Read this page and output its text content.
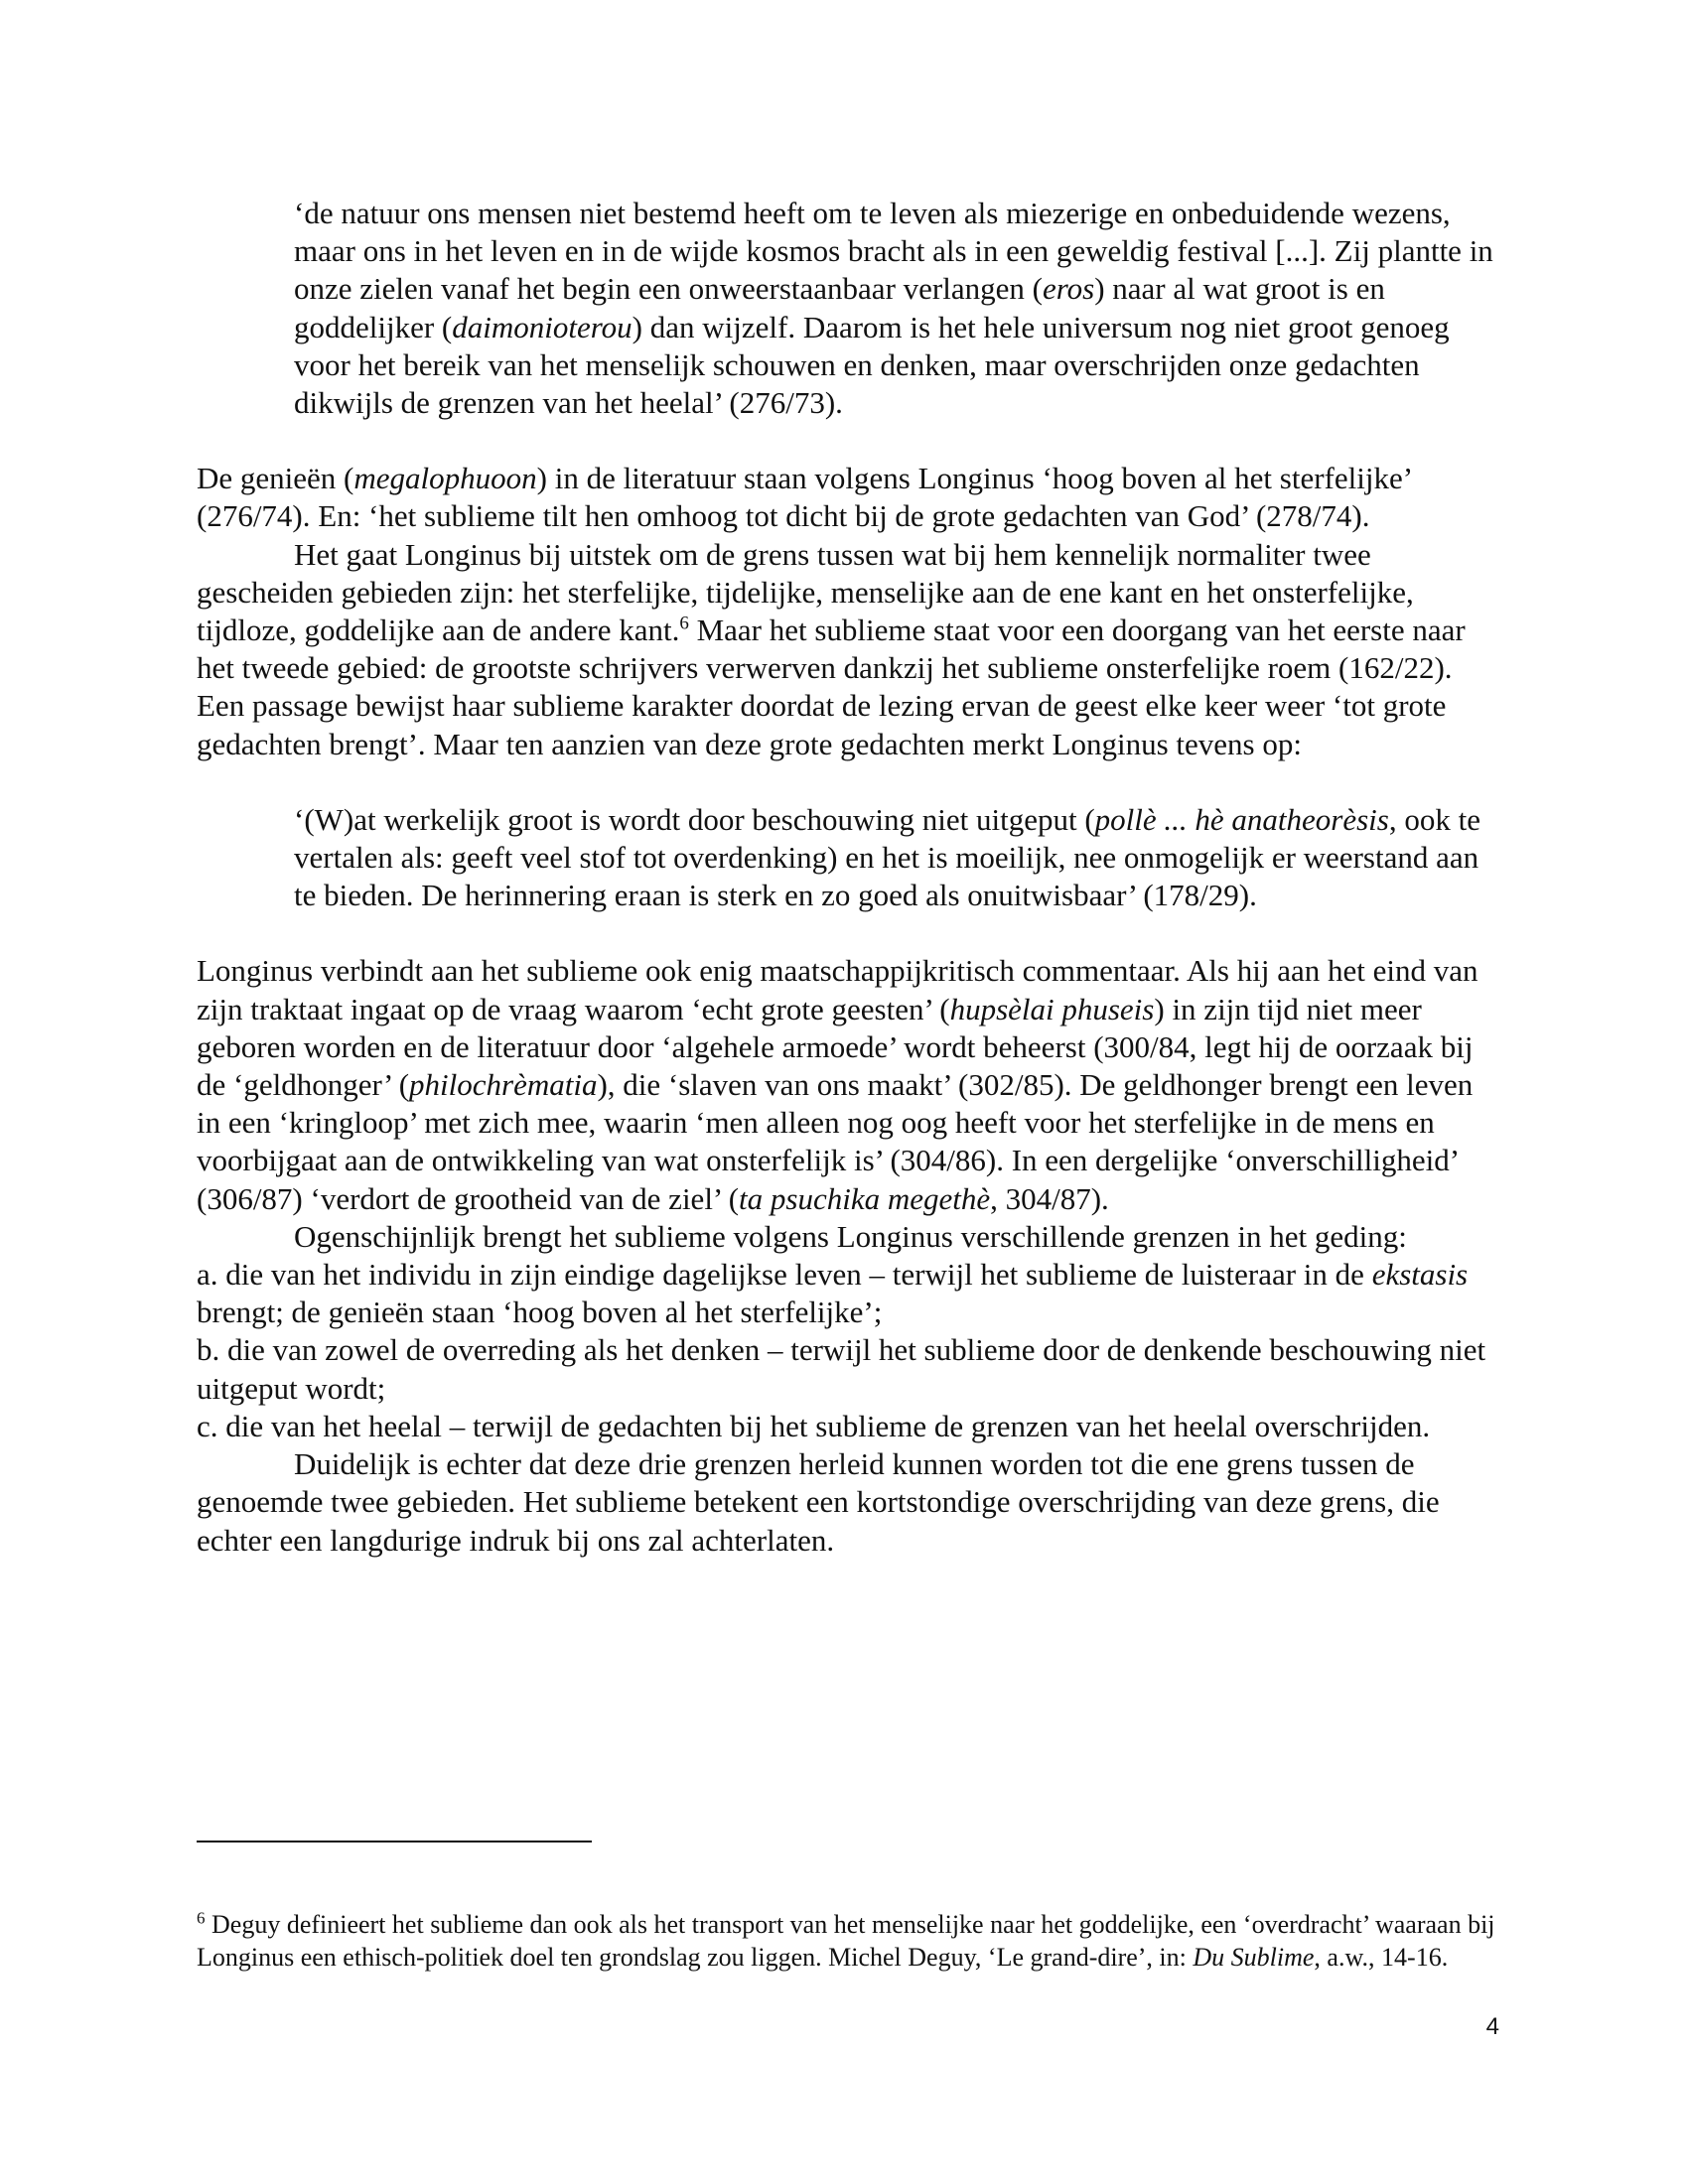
‘de natuur ons mensen niet bestemd heeft om te leven als miezerige en onbeduidende wezens, maar ons in het leven en in de wijde kosmos bracht als in een geweldig festival [...]. Zij plantte in onze zielen vanaf het begin een onweerstaanbaar verlangen (eros) naar al wat groot is en goddelijker (daimonioterou) dan wijzelf. Daarom is het hele universum nog niet groot genoeg voor het bereik van het menselijk schouwen en denken, maar overschrijden onze gedachten dikwijls de grenzen van het heelal’ (276/73).

De genieën (megalophuoon) in de literatuur staan volgens Longinus ‘hoog boven al het sterfelijke’ (276/74). En: ‘het sublieme tilt hen omhoog tot dicht bij de grote gedachten van God’ (278/74).

Het gaat Longinus bij uitstek om de grens tussen wat bij hem kennelijk normaliter twee gescheiden gebieden zijn: het sterfelijke, tijdelijke, menselijke aan de ene kant en het onsterfelijke, tijdloze, goddelijke aan de andere kant.$^6$ Maar het sublieme staat voor een doorgang van het eerste naar het tweede gebied: de grootste schrijvers verwerven dankzij het sublieme onsterfelijke roem (162/22). Een passage bewijst haar sublieme karakter doordat de lezing ervan de geest elke keer weer ‘tot grote gedachten brengt’. Maar ten aanzien van deze grote gedachten merkt Longinus tevens op:

‘(W)at werkelijk groot is wordt door beschouwing niet uitgeput (pollè ... hè anatheorèsis, ook te vertalen als: geeft veel stof tot overdenking) en het is moeilijk, nee onmogelijk er weerstand aan te bieden. De herinnering eraan is sterk en zo goed als onuitwisbaar’ (178/29).

Longinus verbindt aan het sublieme ook enig maatschappijkritisch commentaar. Als hij aan het eind van zijn traktaat ingaat op de vraag waarom ‘echt grote geesten’ (hupsèlai phuseis) in zijn tijd niet meer geboren worden en de literatuur door ‘algehele armoede’ wordt beheerst (300/84, legt hij de oorzaak bij de ‘geldhonger’ (philochrèmatia), die ‘slaven van ons maakt’ (302/85). De geldhonger brengt een leven in een ‘kringloop’ met zich mee, waarin ‘men alleen nog oog heeft voor het sterfelijke in de mens en voorbijgaat aan de ontwikkeling van wat onsterfelijk is’ (304/86). In een dergelijke ‘onverschilligheid’ (306/87) ‘verdort de grootheid van de ziel’ (ta psuchika megethè, 304/87).

Ogenschijnlijk brengt het sublieme volgens Longinus verschillende grenzen in het geding:

a. die van het individu in zijn eindige dagelijkse leven – terwijl het sublieme de luisteraar in de ekstasis brengt; de genieën staan ‘hoog boven al het sterfelijke’;

b. die van zowel de overreding als het denken – terwijl het sublieme door de denkende beschouwing niet uitgeput wordt;

c. die van het heelal – terwijl de gedachten bij het sublieme de grenzen van het heelal overschrijden.

Duidelijk is echter dat deze drie grenzen herleid kunnen worden tot die ene grens tussen de genoemde twee gebieden. Het sublieme betekent een kortstondige overschrijding van deze grens, die echter een langdurige indruk bij ons zal achterlaten.

$^6$ Deguy definieert het sublieme dan ook als het transport van het menselijke naar het goddelijke, een ‘overdracht’ waaraan bij Longinus een ethisch-politiek doel ten grondslag zou liggen. Michel Deguy, ‘Le grand-dire’, in: Du Sublime, a.w., 14-16.

4
